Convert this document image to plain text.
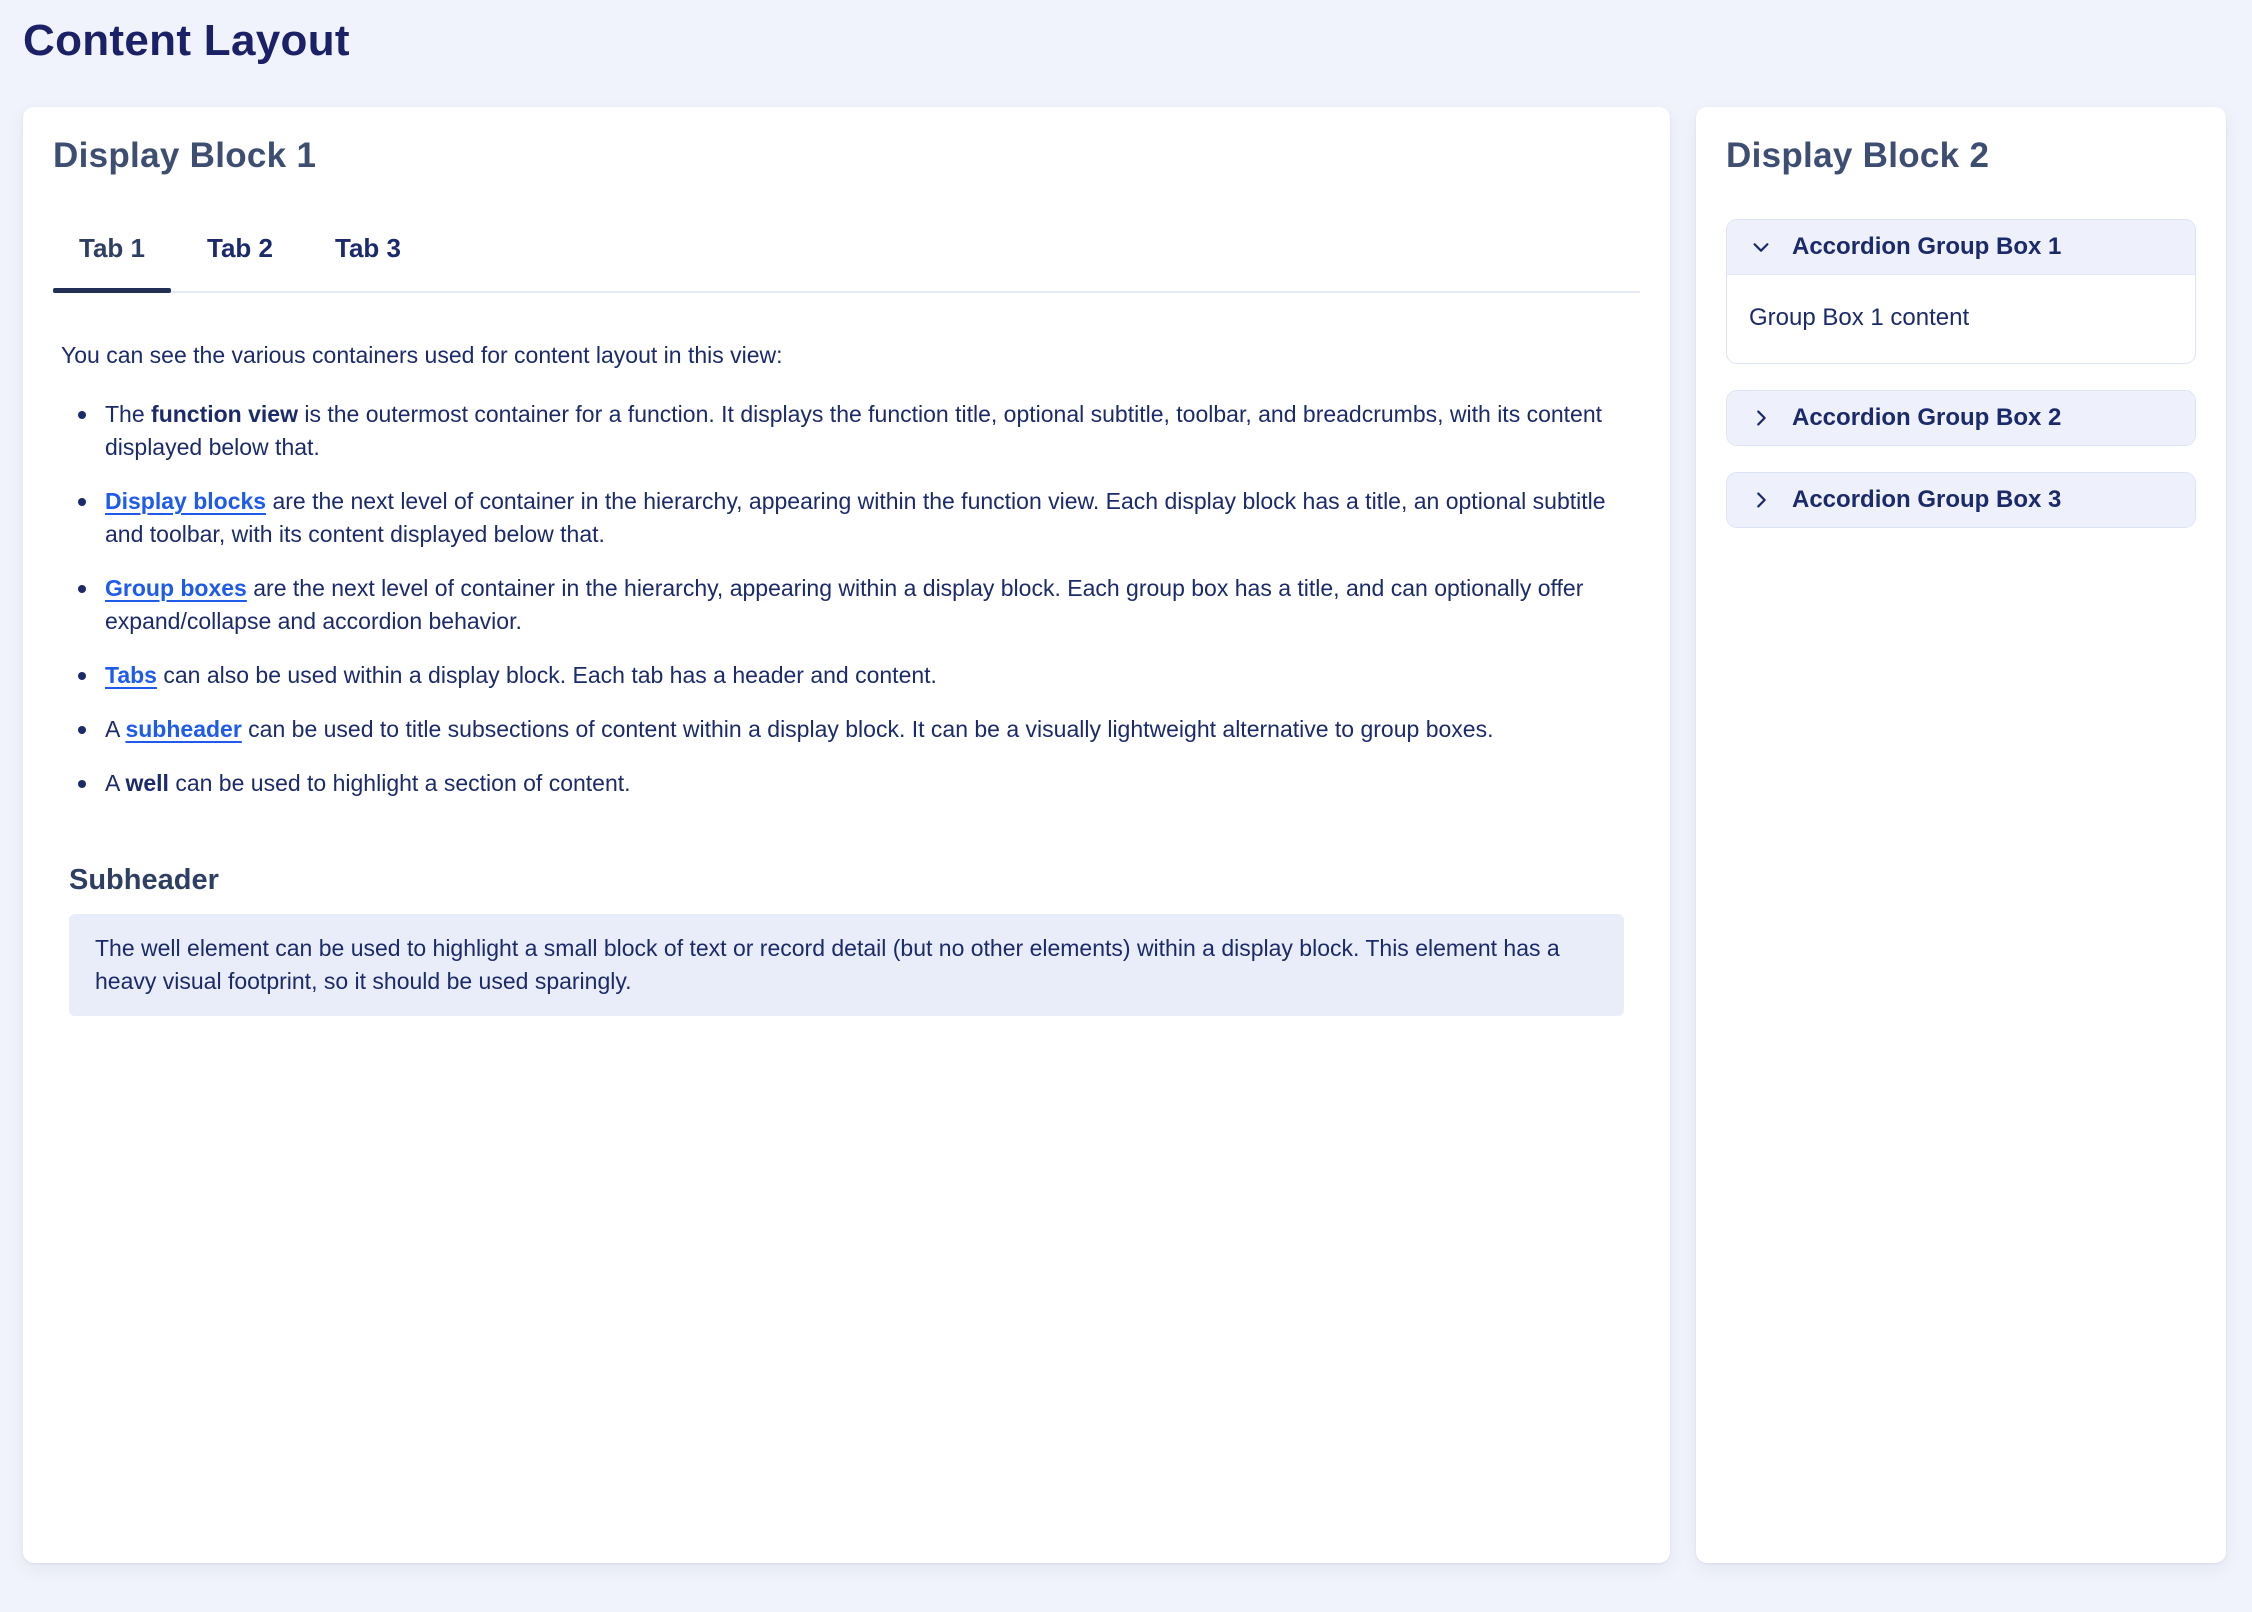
Content Layout
Display Block 1
Tab 1	Tab 2	Tab 3
You can see the various containers used for content layout in this view:
The function view is the outermost container for a function. It displays the function title, optional subtitle, toolbar, and breadcrumbs, with its content displayed below that.
Display blocks are the next level of container in the hierarchy, appearing within the function view. Each display block has a title, an optional subtitle and toolbar, with its content displayed below that.
Group boxes are the next level of container in the hierarchy, appearing within a display block. Each group box has a title, and can optionally offer expand/collapse and accordion behavior.
Tabs can also be used within a display block. Each tab has a header and content.
A subheader can be used to title subsections of content within a display block. It can be a visually lightweight alternative to group boxes.
A well can be used to highlight a section of content.
Subheader
The well element can be used to highlight a small block of text or record detail (but no other elements) within a display block. This element has a heavy visual footprint, so it should be used sparingly.
Display Block 2
Accordion Group Box 1
Group Box 1 content
Accordion Group Box 2
Accordion Group Box 3
